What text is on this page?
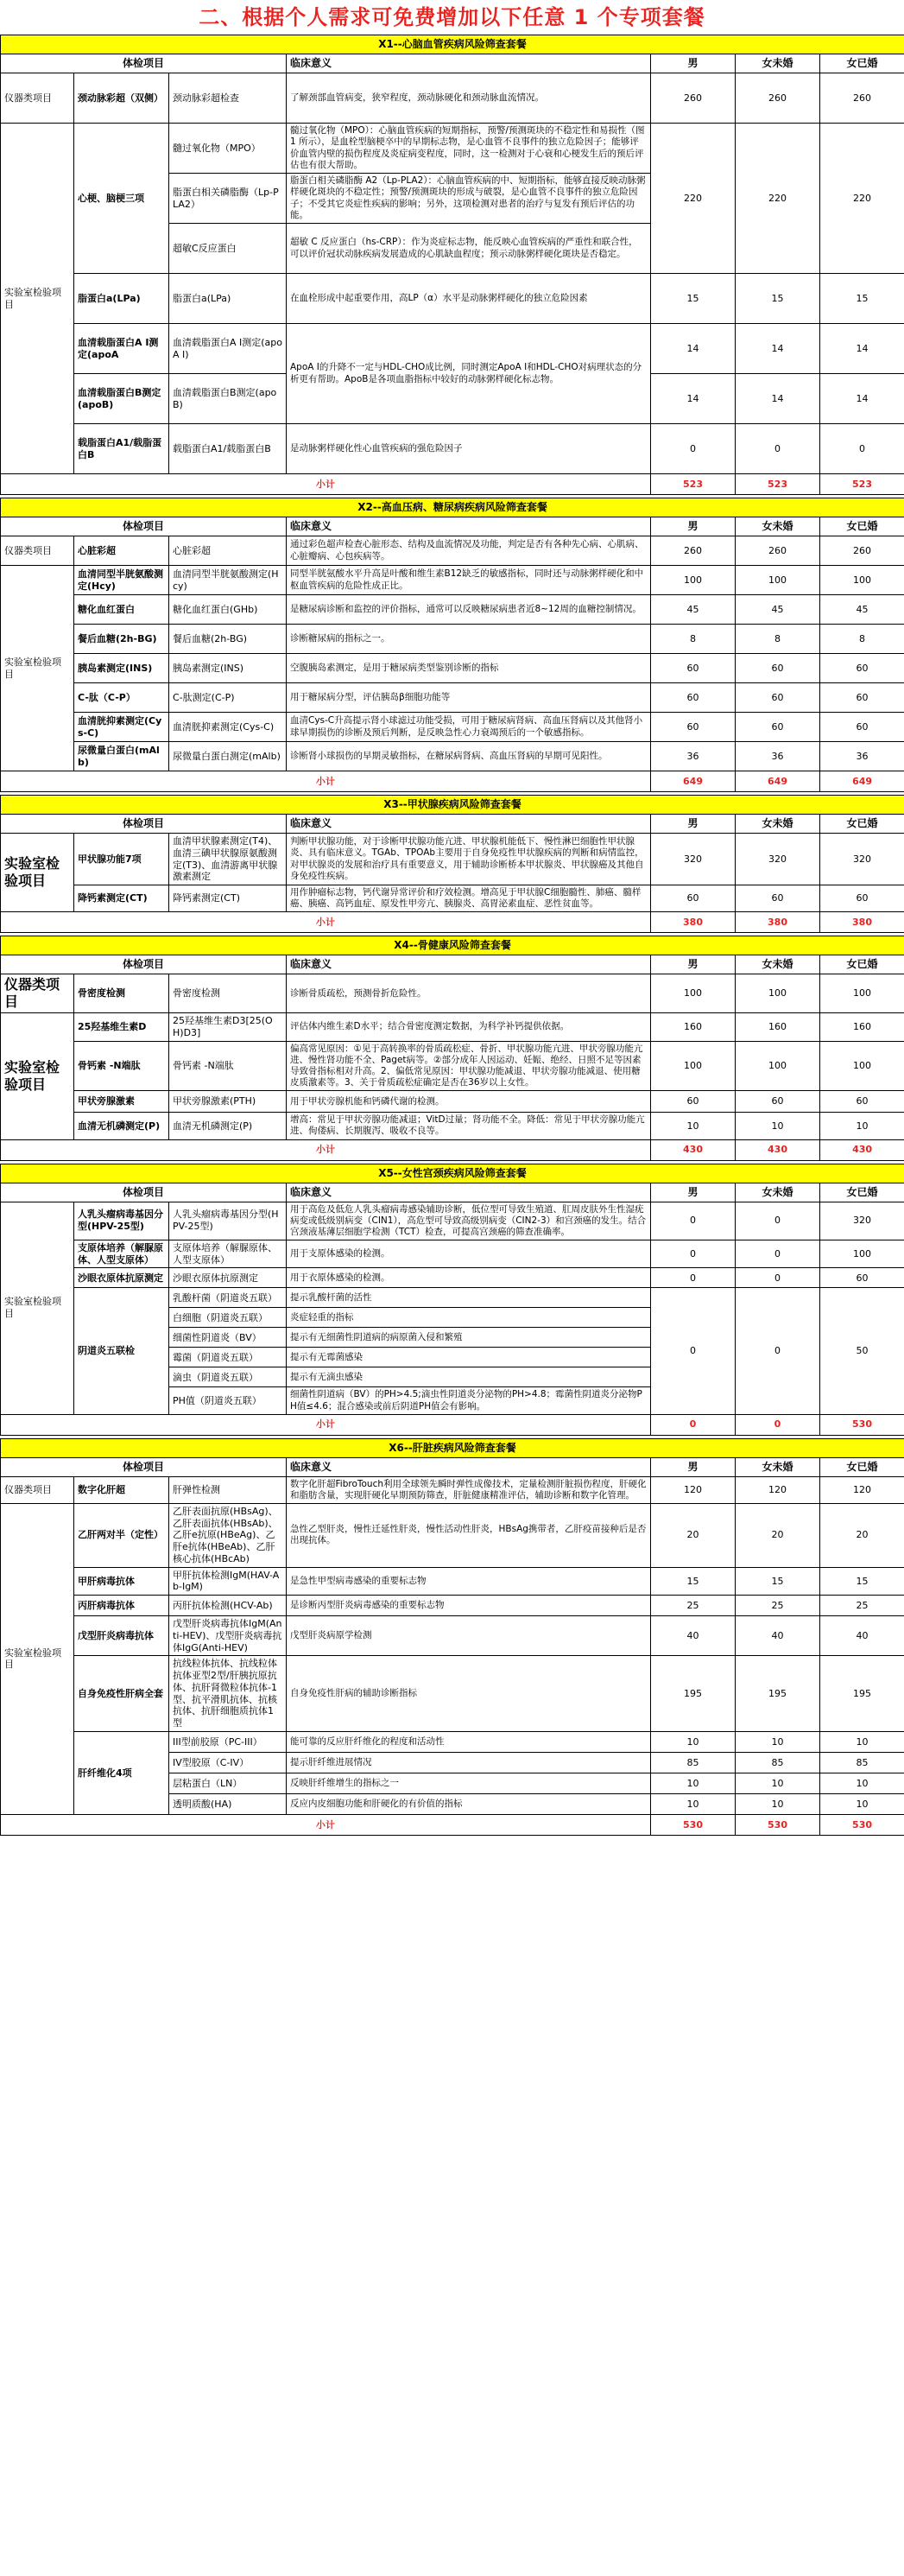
二、根据个人需求可免费增加以下任意 1 个专项套餐
X1--心脑血管疾病风险筛查套餐						
体检项目			临床意义	男	女未婚	女已婚
仪器类项目	颈动脉彩超（双侧）	颈动脉彩超检查	了解颈部血管病变，狭窄程度，颈动脉硬化和颈动脉血流情况。	260	260	260
实验室检验项目	心梗、脑梗三项	髓过氧化物（MPO）	髓过氧化物（MPO）：心脑血管疾病的短期指标，预警/预测斑块的不稳定性和易损性（图 1 所示），是血栓型脑梗卒中的早期标志物，是心血管不良事件的独立危险因子；能够评价血管内壁的损伤程度及炎症病变程度，同时，这一检测对于心衰和心梗发生后的预后评估也有很大帮助。	220	220	220
		脂蛋白相关磷脂酶（Lp-PLA2）	脂蛋白相关磷脂酶 A2（Lp-PLA2）：心脑血管疾病的中、短期指标，能够直接反映动脉粥样硬化斑块的不稳定性；预警/预测斑块的形成与破裂，是心血管不良事件的独立危险因子；不受其它炎症性疾病的影响；另外，这项检测对患者的治疗与复发有预后评估的功能。			
		超敏C反应蛋白	超敏 C 反应蛋白（hs-CRP）：作为炎症标志物，能反映心血管疾病的严重性和联合性，可以评价冠状动脉疾病发展造成的心肌缺血程度；预示动脉粥样硬化斑块是否稳定。			
	脂蛋白a(LPa)	脂蛋白a(LPa)	在血栓形成中起重要作用，高LP（α）水平是动脉粥样硬化的独立危险因素	15	15	15
	血清载脂蛋白A I测定(apoA	血清载脂蛋白A I测定(apoA I)	ApoA I的升降不一定与HDL-CHO成比例，同时测定ApoA I和HDL-CHO对病理状态的分析更有帮助。ApoB是各项血脂指标中较好的动脉粥样硬化标志物。	14	14	14
	血清载脂蛋白B测定(apoB)	血清载脂蛋白B测定(apoB)		14	14	14
	载脂蛋白A1/载脂蛋白B	载脂蛋白A1/载脂蛋白B	是动脉粥样硬化性心血管疾病的强危险因子	0	0	0
小计				523	523	523
X2--高血压病、糖尿病疾病风险筛查套餐						
体检项目			临床意义	男	女未婚	女已婚
仪器类项目	心脏彩超	心脏彩超	通过彩色超声检查心脏形态、结构及血流情况及功能，判定是否有各种先心病、心肌病、心脏瓣病、心包疾病等。	260	260	260
实验室检验项目	血清同型半胱氨酸测定(Hcy)	血清同型半胱氨酸测定(Hcy)	同型半胱氨酸水平升高是叶酸和维生素B12缺乏的敏感指标，同时还与动脉粥样硬化和中枢血管疾病的危险性成正比。	100	100	100
	糖化血红蛋白	糖化血红蛋白(GHb)	是糖尿病诊断和监控的评价指标，通常可以反映糖尿病患者近8~12周的血糖控制情况。	45	45	45
	餐后血糖(2h-BG)	餐后血糖(2h-BG)	诊断糖尿病的指标之一。	8	8	8
	胰岛素测定(INS)	胰岛素测定(INS)	空腹胰岛素测定，是用于糖尿病类型鉴别诊断的指标	60	60	60
	C-肽（C-P）	C-肽测定(C-P)	用于糖尿病分型，评估胰岛β细胞功能等	60	60	60
	血清胱抑素测定(Cys-C)	血清胱抑素测定(Cys-C)	血清Cys-C升高提示肾小球滤过功能受损，可用于糖尿病肾病、高血压肾病以及其他肾小球早期损伤的诊断及预后判断，是反映急性心力衰竭预后的一个敏感指标。	60	60	60
	尿微量白蛋白(mAlb)	尿微量白蛋白测定(mAlb)	诊断肾小球损伤的早期灵敏指标，在糖尿病肾病、高血压肾病的早期可见阳性。	36	36	36
小计				649	649	649
X3--甲状腺疾病风险筛查套餐						
体检项目			临床意义	男	女未婚	女已婚
实验室检验项目	甲状腺功能7项	血清甲状腺素测定(T4)、血清三碘甲状腺原氨酸测定(T3)、血清游离甲状腺激素测定	判断甲状腺功能，对于诊断甲状腺功能亢进、甲状腺机能低下、慢性淋巴细胞性甲状腺炎、具有临床意义。TGAb、TPOAb主要用于自身免疫性甲状腺疾病的判断和病情监控，对甲状腺炎的发展和治疗具有重要意义，用于辅助诊断桥本甲状腺炎、甲状腺癌及其他自身免疫性疾病。	320	320	320
	降钙素测定(CT)	降钙素测定(CT)	用作肿瘤标志物，钙代谢异常评价和疗效检测。增高见于甲状腺C细胞髓性、肺癌、髓样癌、胰癌、高钙血症、原发性甲旁亢、胰腺炎、高胃泌素血症、恶性贫血等。	60	60	60
小计				380	380	380
X4--骨健康风险筛查套餐						
体检项目			临床意义	男	女未婚	女已婚
仪器类项目	骨密度检测	骨密度检测	诊断骨质疏松，预测骨折危险性。	100	100	100
实验室检验项目	25羟基维生素D	25羟基维生素D3[25(OH)D3]	评估体内维生素D水平；结合骨密度测定数据，为科学补钙提供依据。	160	160	160
	骨钙素 -N端肽	骨钙素 -N端肽	偏高常见原因：①见于高转换率的骨质疏松症、骨折、甲状腺功能亢进、甲状旁腺功能亢进、慢性肾功能不全、Paget病等。②部分成年人因运动、妊娠、绝经、日照不足等因素导致骨指标相对升高。2、偏低常见原因：甲状腺功能减退、甲状旁腺功能减退、使用糖皮质激素等。3、关于骨质疏松症确定是否在36岁以上女性。	100	100	100
	甲状旁腺激素	甲状旁腺激素(PTH)	用于甲状旁腺机能和钙磷代谢的检测。	60	60	60
	血清无机磷测定(P)	血清无机磷测定(P)	增高：常见于甲状旁腺功能减退；VitD过量；肾功能不全。降低：常见于甲状旁腺功能亢进、佝偻病、长期腹泻、吸收不良等。	10	10	10
小计				430	430	430
X5--女性宫颈疾病风险筛查套餐						
体检项目			临床意义	男	女未婚	女已婚
实验室检验项目	人乳头瘤病毒基因分型(HPV-25型)	人乳头瘤病毒基因分型(HPV-25型)	用于高危及低危人乳头瘤病毒感染辅助诊断，低位型可导致生殖道、肛周皮肤外生性湿疣病变或低级别病变（CIN1），高危型可导致高级别病变（CIN2-3）和宫颈癌的发生。结合宫颈液基薄层细胞学检测（TCT）检查，可提高宫颈癌的筛查准确率。	0	0	320
	支原体培养（解脲原体、人型支原体）	支原体培养（解脲原体、人型支原体）	用于支原体感染的检测。	0	0	100
	沙眼衣原体抗原测定	沙眼衣原体抗原测定	用于衣原体感染的检测。	0	0	60
	阴道炎五联检	乳酸杆菌（阴道炎五联）	提示乳酸杆菌的活性	0	0	50
		白细胞（阴道炎五联）	炎症轻重的指标			
		细菌性阴道炎（BV）	提示有无细菌性阴道病的病原菌入侵和繁殖			
		霉菌（阴道炎五联）	提示有无霉菌感染			
		滴虫（阴道炎五联）	提示有无滴虫感染			
		PH值（阴道炎五联）	细菌性阴道病（BV）的PH>4.5;滴虫性阴道炎分泌物的PH>4.8；霉菌性阴道炎分泌物PH值≤4.6；混合感染或前后阴道PH值会有影响。			
小计				0	0	530
X6--肝脏疾病风险筛查套餐						
体检项目			临床意义	男	女未婚	女已婚
仪器类项目	数字化肝超	肝弹性检测	数字化肝超FibroTouch利用全球领先瞬时弹性成像技术，定量检测肝脏损伤程度，肝硬化和脂肪含量，实现肝硬化早期预防筛查，肝脏健康精准评估，辅助诊断和数字化管理。	120	120	120
实验室检验项目	乙肝两对半（定性）	乙肝表面抗原(HBsAg)、乙肝表面抗体(HBsAb)、乙肝e抗原(HBeAg)、乙肝e抗体(HBeAb)、乙肝核心抗体(HBcAb)	急性乙型肝炎，慢性迁延性肝炎，慢性活动性肝炎，HBsAg携带者，乙肝疫苗接种后是否出现抗体。	20	20	20
	甲肝病毒抗体	甲肝抗体检测IgM(HAV-Ab-IgM)	是急性甲型病毒感染的重要标志物	15	15	15
	丙肝病毒抗体	丙肝抗体检测(HCV-Ab)	是诊断丙型肝炎病毒感染的重要标志物	25	25	25
	戊型肝炎病毒抗体	戊型肝炎病毒抗体IgM(Anti-HEV)、戊型肝炎病毒抗体IgG(Anti-HEV)	戊型肝炎病原学检测	40	40	40
	自身免疫性肝病全套	抗线粒体抗体、抗线粒体抗体亚型2型/肝胰抗原抗体、抗肝肾微粒体抗体-1型、抗平滑肌抗体、抗核抗体、抗肝细胞质抗体1型	自身免疫性肝病的辅助诊断指标	195	195	195
	肝纤维化4项	III型前胶原（PC-III）	能可靠的反应肝纤维化的程度和活动性	10	10	10
		IV型胶原（C-IV）	提示肝纤维进展情况	85	85	85
		层粘蛋白（LN）	反映肝纤维增生的指标之一	10	10	10
		透明质酸(HA)	反应内皮细胞功能和肝硬化的有价值的指标	10	10	10
小计				530	530	530
